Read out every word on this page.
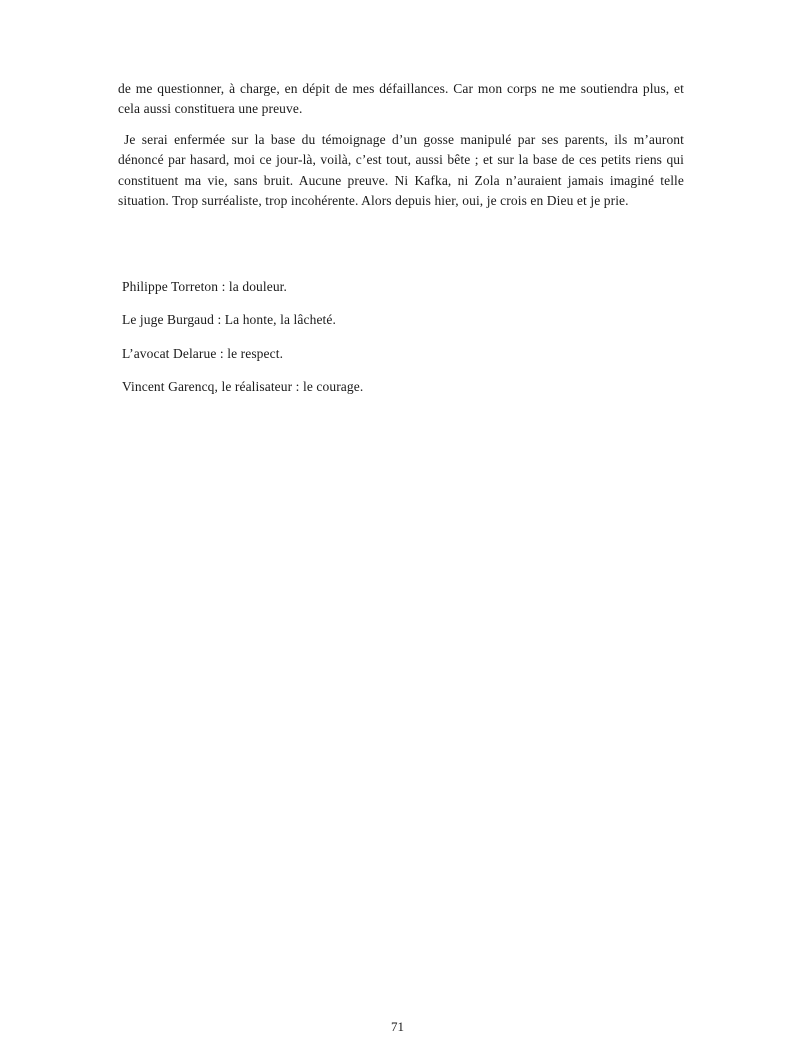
de me questionner, à charge, en dépit de mes défaillances. Car mon corps ne me soutiendra plus, et cela aussi constituera une preuve.

Je serai enfermée sur la base du témoignage d’un gosse manipulé par ses parents, ils m’auront dénoncé par hasard, moi ce jour-là, voilà, c’est tout, aussi bête ; et sur la base de ces petits riens qui constituent ma vie, sans bruit. Aucune preuve. Ni Kafka, ni Zola n’auraient jamais imaginé telle situation. Trop surréaliste, trop incohérente. Alors depuis hier, oui, je crois en Dieu et je prie.

Philippe Torreton : la douleur.

Le juge Burgaud : La honte, la lâcheté.

L’avocat Delarue : le respect.

Vincent Garencq, le réalisateur : le courage.

71
